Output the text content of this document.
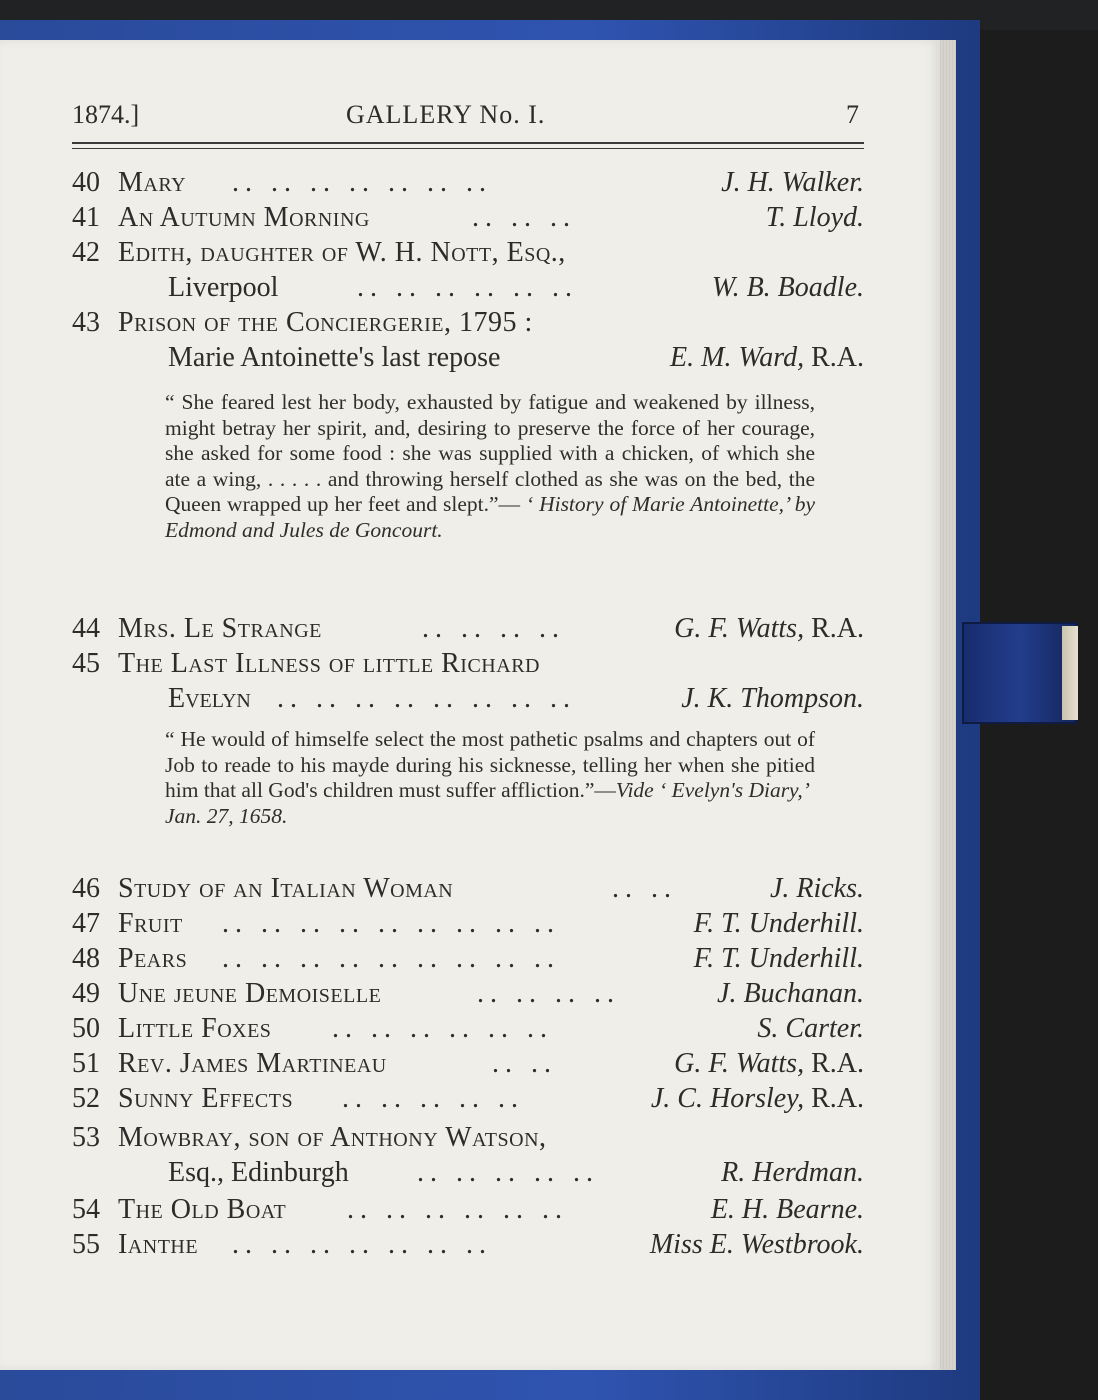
1874.]	GALLERY No. I.	7
40 Mary .. .. .. .. .. .. ..	J. H. Walker.
41 An Autumn Morning	.. .. ..	T. Lloyd.
42 Edith, daughter of W. H. Nott, Esq.,
Liverpool	.. .. .. .. .. ..	W. B. Boadle.
43 Prison of the Conciergerie, 1795 :
Marie Antoinette's last repose	E. M. Ward, R.A.
“ She feared lest her body, exhausted by fatigue and weakened by illness, might betray her spirit, and, desiring to preserve the force of her courage, she asked for some food : she was supplied with a chicken, of which she ate a wing, . . . . . and throwing herself clothed as she was on the bed, the Queen wrapped up her feet and slept.”— ‘ History of Marie Antoinette,’ by Edmond and Jules de Goncourt.
44 Mrs. Le Strange	.. .. .. ..	G. F. Watts, R.A.
45 The Last Illness of little Richard
Evelyn .. .. .. .. .. .. .. ..	J. K. Thompson.
“ He would of himselfe select the most pathetic psalms and chapters out of Job to reade to his mayde during his sicknesse, telling her when she pitied him that all God's children must suffer affliction.”—Vide ‘ Evelyn's Diary,’
Jan. 27, 1658.
46 Study of an Italian Woman	.. ..	J. Ricks.
47 Fruit .. .. .. .. .. .. .. .. ..	F. T. Underhill.
48 Pears .. .. .. .. .. .. .. .. ..	F. T. Underhill.
49 Une jeune Demoiselle	.. .. .. ..	J. Buchanan.
50 Little Foxes .. .. .. .. .. ..	S. Carter.
51 Rev. James Martineau	.. ..	G. F. Watts, R.A.
52 Sunny Effects .. .. .. .. ..	J. C. Horsley, R.A.
53 Mowbray, son of Anthony Watson,
Esq., Edinburgh .. .. .. .. ..	R. Herdman.
54 The Old Boat .. .. .. .. .. ..	E. H. Bearne.
55 Ianthe .. .. .. .. .. .. ..	Miss E. Westbrook.
